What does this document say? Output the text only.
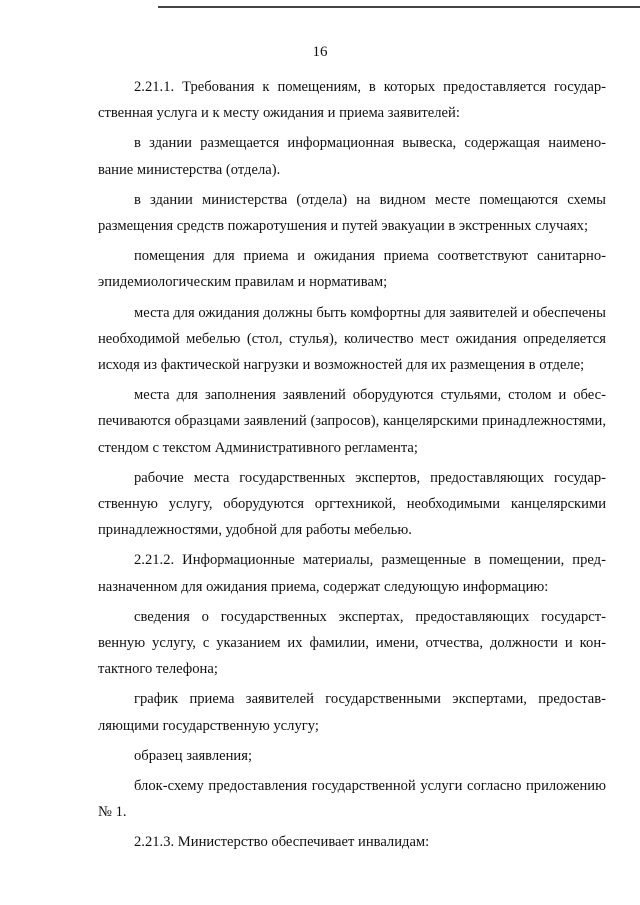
16

2.21.1. Требования к помещениям, в которых предоставляется государственная услуга и к месту ожидания и приема заявителей:

в здании размещается информационная вывеска, содержащая наименование министерства (отдела).

в здании министерства (отдела) на видном месте помещаются схемы размещения средств пожаротушения и путей эвакуации в экстренных случаях;

помещения для приема и ожидания приема соответствуют санитарно-эпидемиологическим правилам и нормативам;

места для ожидания должны быть комфортны для заявителей и обеспечены необходимой мебелью (стол, стулья), количество мест ожидания определяется исходя из фактической нагрузки и возможностей для их размещения в отделе;

места для заполнения заявлений оборудуются стульями, столом и обеспечиваются образцами заявлений (запросов), канцелярскими принадлежностями, стендом с текстом Административного регламента;

рабочие места государственных экспертов, предоставляющих государственную услугу, оборудуются оргтехникой, необходимыми канцелярскими принадлежностями, удобной для работы мебелью.

2.21.2. Информационные материалы, размещенные в помещении, предназначенном для ожидания приема, содержат следующую информацию:

сведения о государственных экспертах, предоставляющих государственную услугу, с указанием их фамилии, имени, отчества, должности и контактного телефона;

график приема заявителей государственными экспертами, предоставляющими государственную услугу;

образец заявления;

блок-схему предоставления государственной услуги согласно приложению № 1.

2.21.3. Министерство обеспечивает инвалидам:
